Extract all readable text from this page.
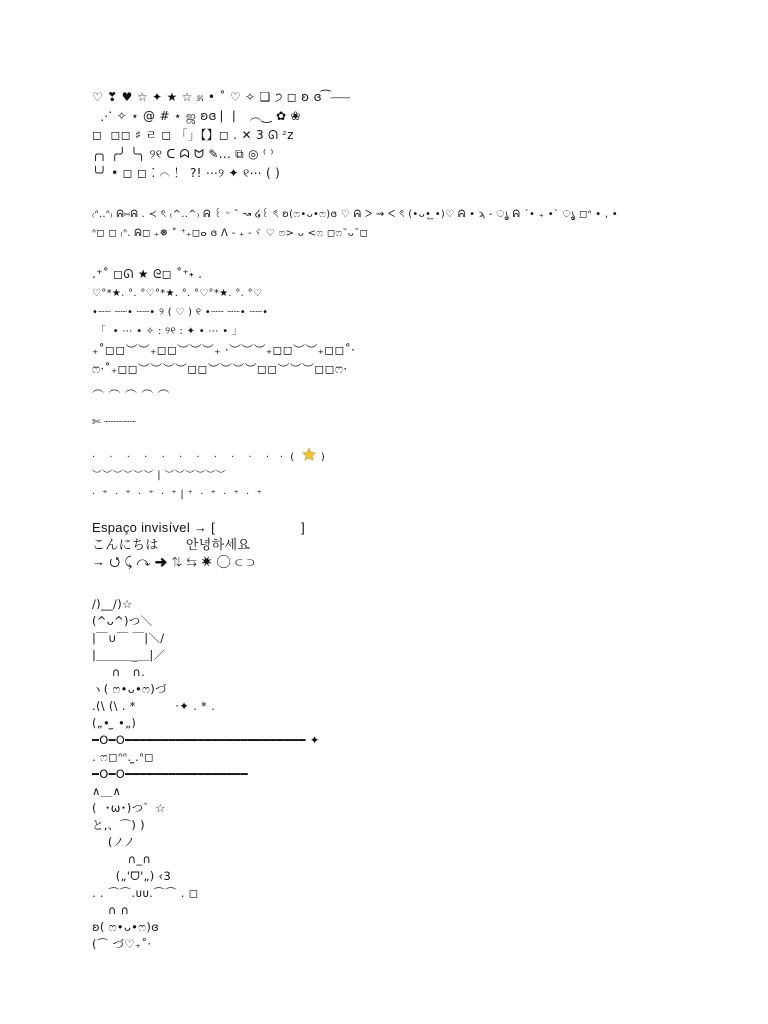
♡ ❣ ♥ ☆ ✦ ★ ☆ ೫ • ˚ ♡ ✧ ❏ ੭ ◻ ʚ ɞ ͡ ⸺
⋰ ✧ ⋆ @ # ⋆ ஜ ʚɞ ⎸⎸ ︵‿ ✿ ❀
◻  ◻◻ ♯ ㄹ ◻ 「」【】◻ . ✕ 3 ᘏ ᶻz
╭╮ ╭╯ ╰╮ ୨୧ ᑕ ᗣ ᗢ ✎... ⧉ ◎ ⁽ ⁾
╰╯ • ◻ ◻ ⁚ ⌒ ！ ?! ⋯୨ ✦ ୧⋯ ( )
₍ᐢ..ᐢ₎ ᕱ⑅ᕱ . ≺ ৎ ₍^..^₎ ᕱ ꒰ ᵕ ˆ ↝ ໒꒰ ৎ ʚ(ෆ•ᴗ•ෆ)ɞ ♡ ᕱ ᐳ ⇝ ᐸ ৎ (•ᴗ•̥ ̯•)♡ ᕱ • ϡ - ൃ ᕱ ´• ₊ •` ൃ ◻ᐢ • , •
ᐢ◻ ◻ ₍ᐢ. ᕱ◻ ₊❅ ˚ ⁺₊◻ⴰ ɞ ᐱ - ₊ -ヾ ♡ ෆ> ᴗ <ෆ ◻ෆ˘ᴗ˘◻
.⁺˚ ◻ᘏ ★ ᘓ◻ ˚⁺˖ .
♡°*★. °. °♡°*★. °. °♡°*★. °. °♡
•┈┈ ┈┈• ┈┈• ୨ ( ♡ ) ୧ •┈┈ ┈┈• ┈┈•
「  • ⋯ • ✧ : ୨୧ : ✦ • ⋯ • 」
₊˚◻◻︶︶₊◻◻︶︶︶₊ ·︶︶︶₊◻◻︶︶₊◻◻˚·
ෆ·˚₊◻◻︶︶︶︶◻◻︶︶︶︶◻◻︶︶︶◻◻ෆ·
︵ ︵ ︵ ︵ ︵
✄ ┈┈┈┈┈
·    ·    ·    ·    ·    ·    ·    ·    ·    ·    ·   ·  (   )
︶︶︶︶︶︶ | ︶︶︶︶︶︶
·  ⁺  ·  ⁺  ·  ⁺  ·  ⁺ | ⁺  ·  ⁺  ·  ⁺  ·  ⁺
Espaço invisível → [                      ]
こんにちは       안녕하세요
→ ⭯ ⤹ ↷ ➜ ⇅ ⇆ ✷ ◯ ⊂ ⊃
/)__/)☆
(^ᴗ^)つ＼
|￣∪￣ ￣|＼/
|＿＿＿_＿|／
∩   ∩.
ヽ( ෆ•ᴗ•ෆ)づ
.(\ (\ . *          ·✦ . * .
(„• ̫ •„)
━O━O━━━━━━━━━━━━━━━━━━━━━━━━━ ✦
. ෆ◻ᐢᐢ. ̫.ᐢ◻
━O━O━━━━━━━━━━━━━━━━━
∧＿∧
(  ･ω･)つ゛☆
と,、⌒) )
(ノノ
∩_∩
(„'ᗜ'„) ‹3
. . ⌒⌒.ᴜᴜ.⌒⌒ . ◻
∩ ∩
ʚ( ෆ•ᴗ•ෆ)ɞ
(⌒ づ♡₊˚·
